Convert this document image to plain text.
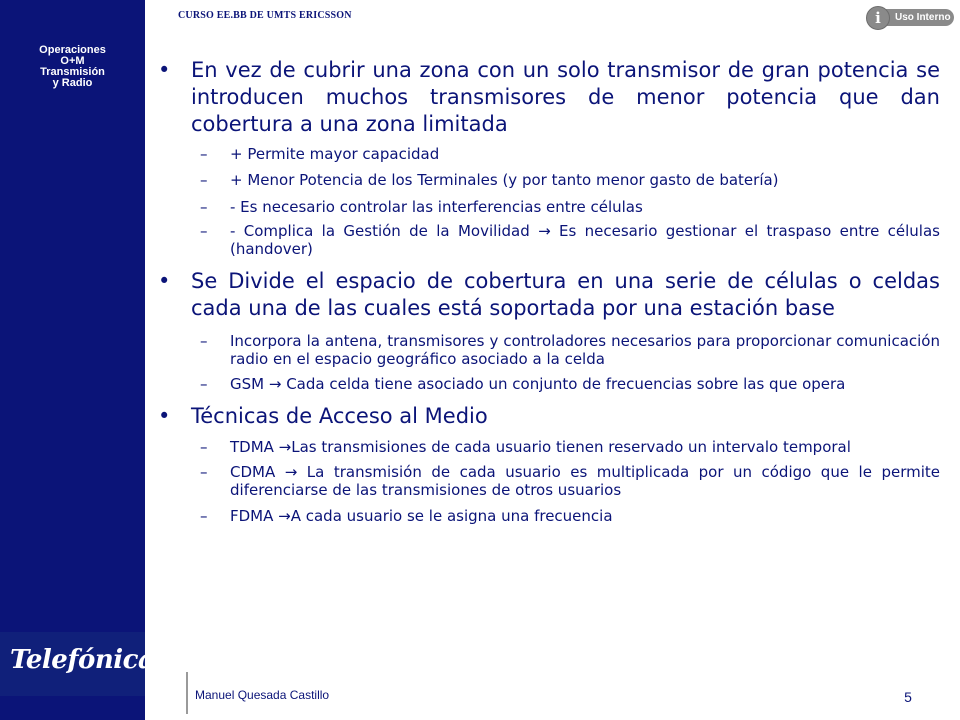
Operaciones
O+M
Transmisión
y Radio
Telefónica
CURSO EE.BB DE UMTS ERICSSON	Uso Interno
i

• En vez de cubrir una zona con un solo transmisor de gran potencia se introducen muchos transmisores de menor potencia que dan cobertura a una zona limitada

– + Permite mayor capacidad

– + Menor Potencia de los Terminales (y por tanto menor gasto de batería)

– - Es necesario controlar las interferencias entre células

– - Complica la Gestión de la Movilidad → Es necesario gestionar el traspaso entre células (handover)

• Se Divide el espacio de cobertura en una serie de células o celdas cada una de las cuales está soportada por una estación base

– Incorpora la antena, transmisores y controladores necesarios para proporcionar comunicación radio en el espacio geográfico asociado a la celda

– GSM → Cada celda tiene asociado un conjunto de frecuencias sobre las que opera

• Técnicas de Acceso al Medio

– TDMA →Las transmisiones de cada usuario tienen reservado un intervalo temporal

– CDMA → La transmisión de cada usuario es multiplicada por un código que le permite diferenciarse de las transmisiones de otros usuarios

– FDMA →A cada usuario se le asigna una frecuencia

Manuel Quesada Castillo	5
